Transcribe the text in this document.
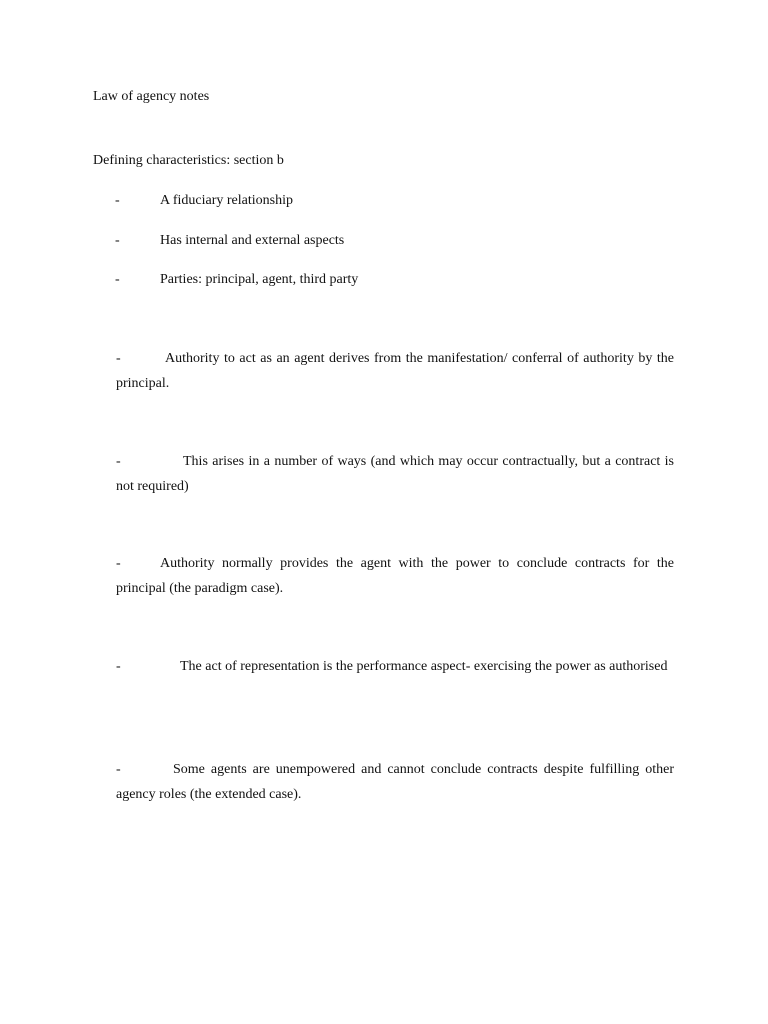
Law of agency notes
Defining characteristics: section b
-	A fiduciary relationship
-	Has internal and external aspects
-	Parties: principal, agent, third party
-	Authority to act as an agent derives from the manifestation/ conferral of authority by the principal.
-	This arises in a number of ways (and which may occur contractually, but a contract is not required)
-	Authority normally provides the agent with the power to conclude contracts for the principal (the paradigm case).
-	The act of representation is the performance aspect- exercising the power as authorised
-	Some agents are unempowered and cannot conclude contracts despite fulfilling other agency roles (the extended case).
